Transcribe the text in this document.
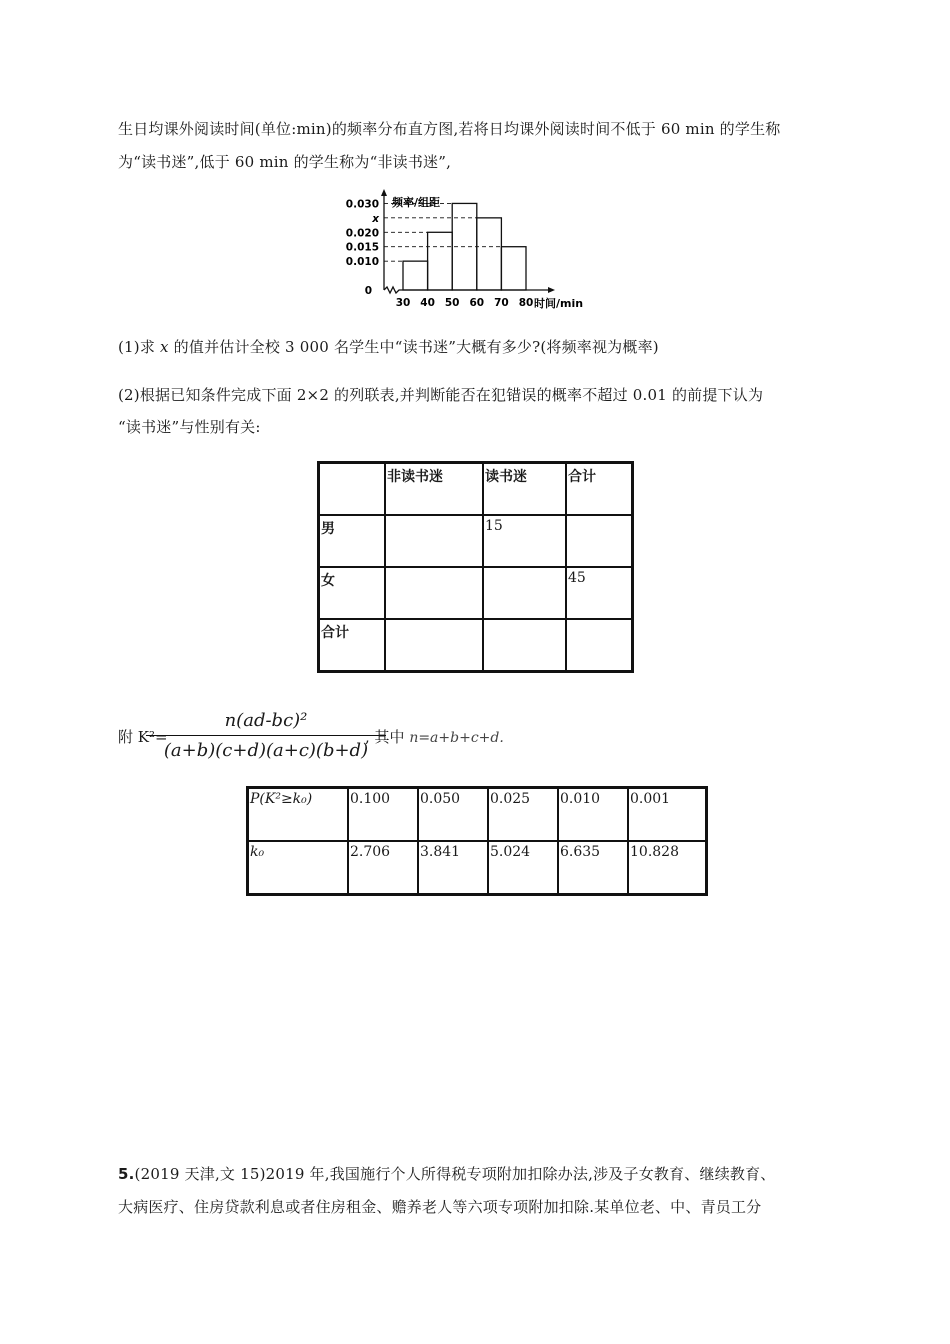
生日均课外阅读时间(单位:min)的频率分布直方图,若将日均课外阅读时间不低于 60 min 的学生称
为“读书迷”,低于 60 min 的学生称为“非读书迷”,
0.030
x
0.020
0.015
0.010
0
30 40 50 60 70 80
频率/组距
时间/min
(1)求 x 的值并估计全校 3 000 名学生中“读书迷”大概有多少?(将频率视为概率)
(2)根据已知条件完成下面 2×2 的列联表,并判断能否在犯错误的概率不超过 0.01 的前提下认为
“读书迷”与性别有关:
	非读书迷	读书迷	合计
男		15	
女			45
合计			
附 K²=
n(ad-bc)²
(a+b)(c+d)(a+c)(b+d)
, 其中 n=a+b+c+d.
P(K²≥k₀)	0.100	0.050	0.025	0.010	0.001
k₀	2.706	3.841	5.024	6.635	10.828
5.(2019 天津,文 15)2019 年,我国施行个人所得税专项附加扣除办法,涉及子女教育、继续教育、
大病医疗、住房贷款利息或者住房租金、赡养老人等六项专项附加扣除.某单位老、中、青员工分
